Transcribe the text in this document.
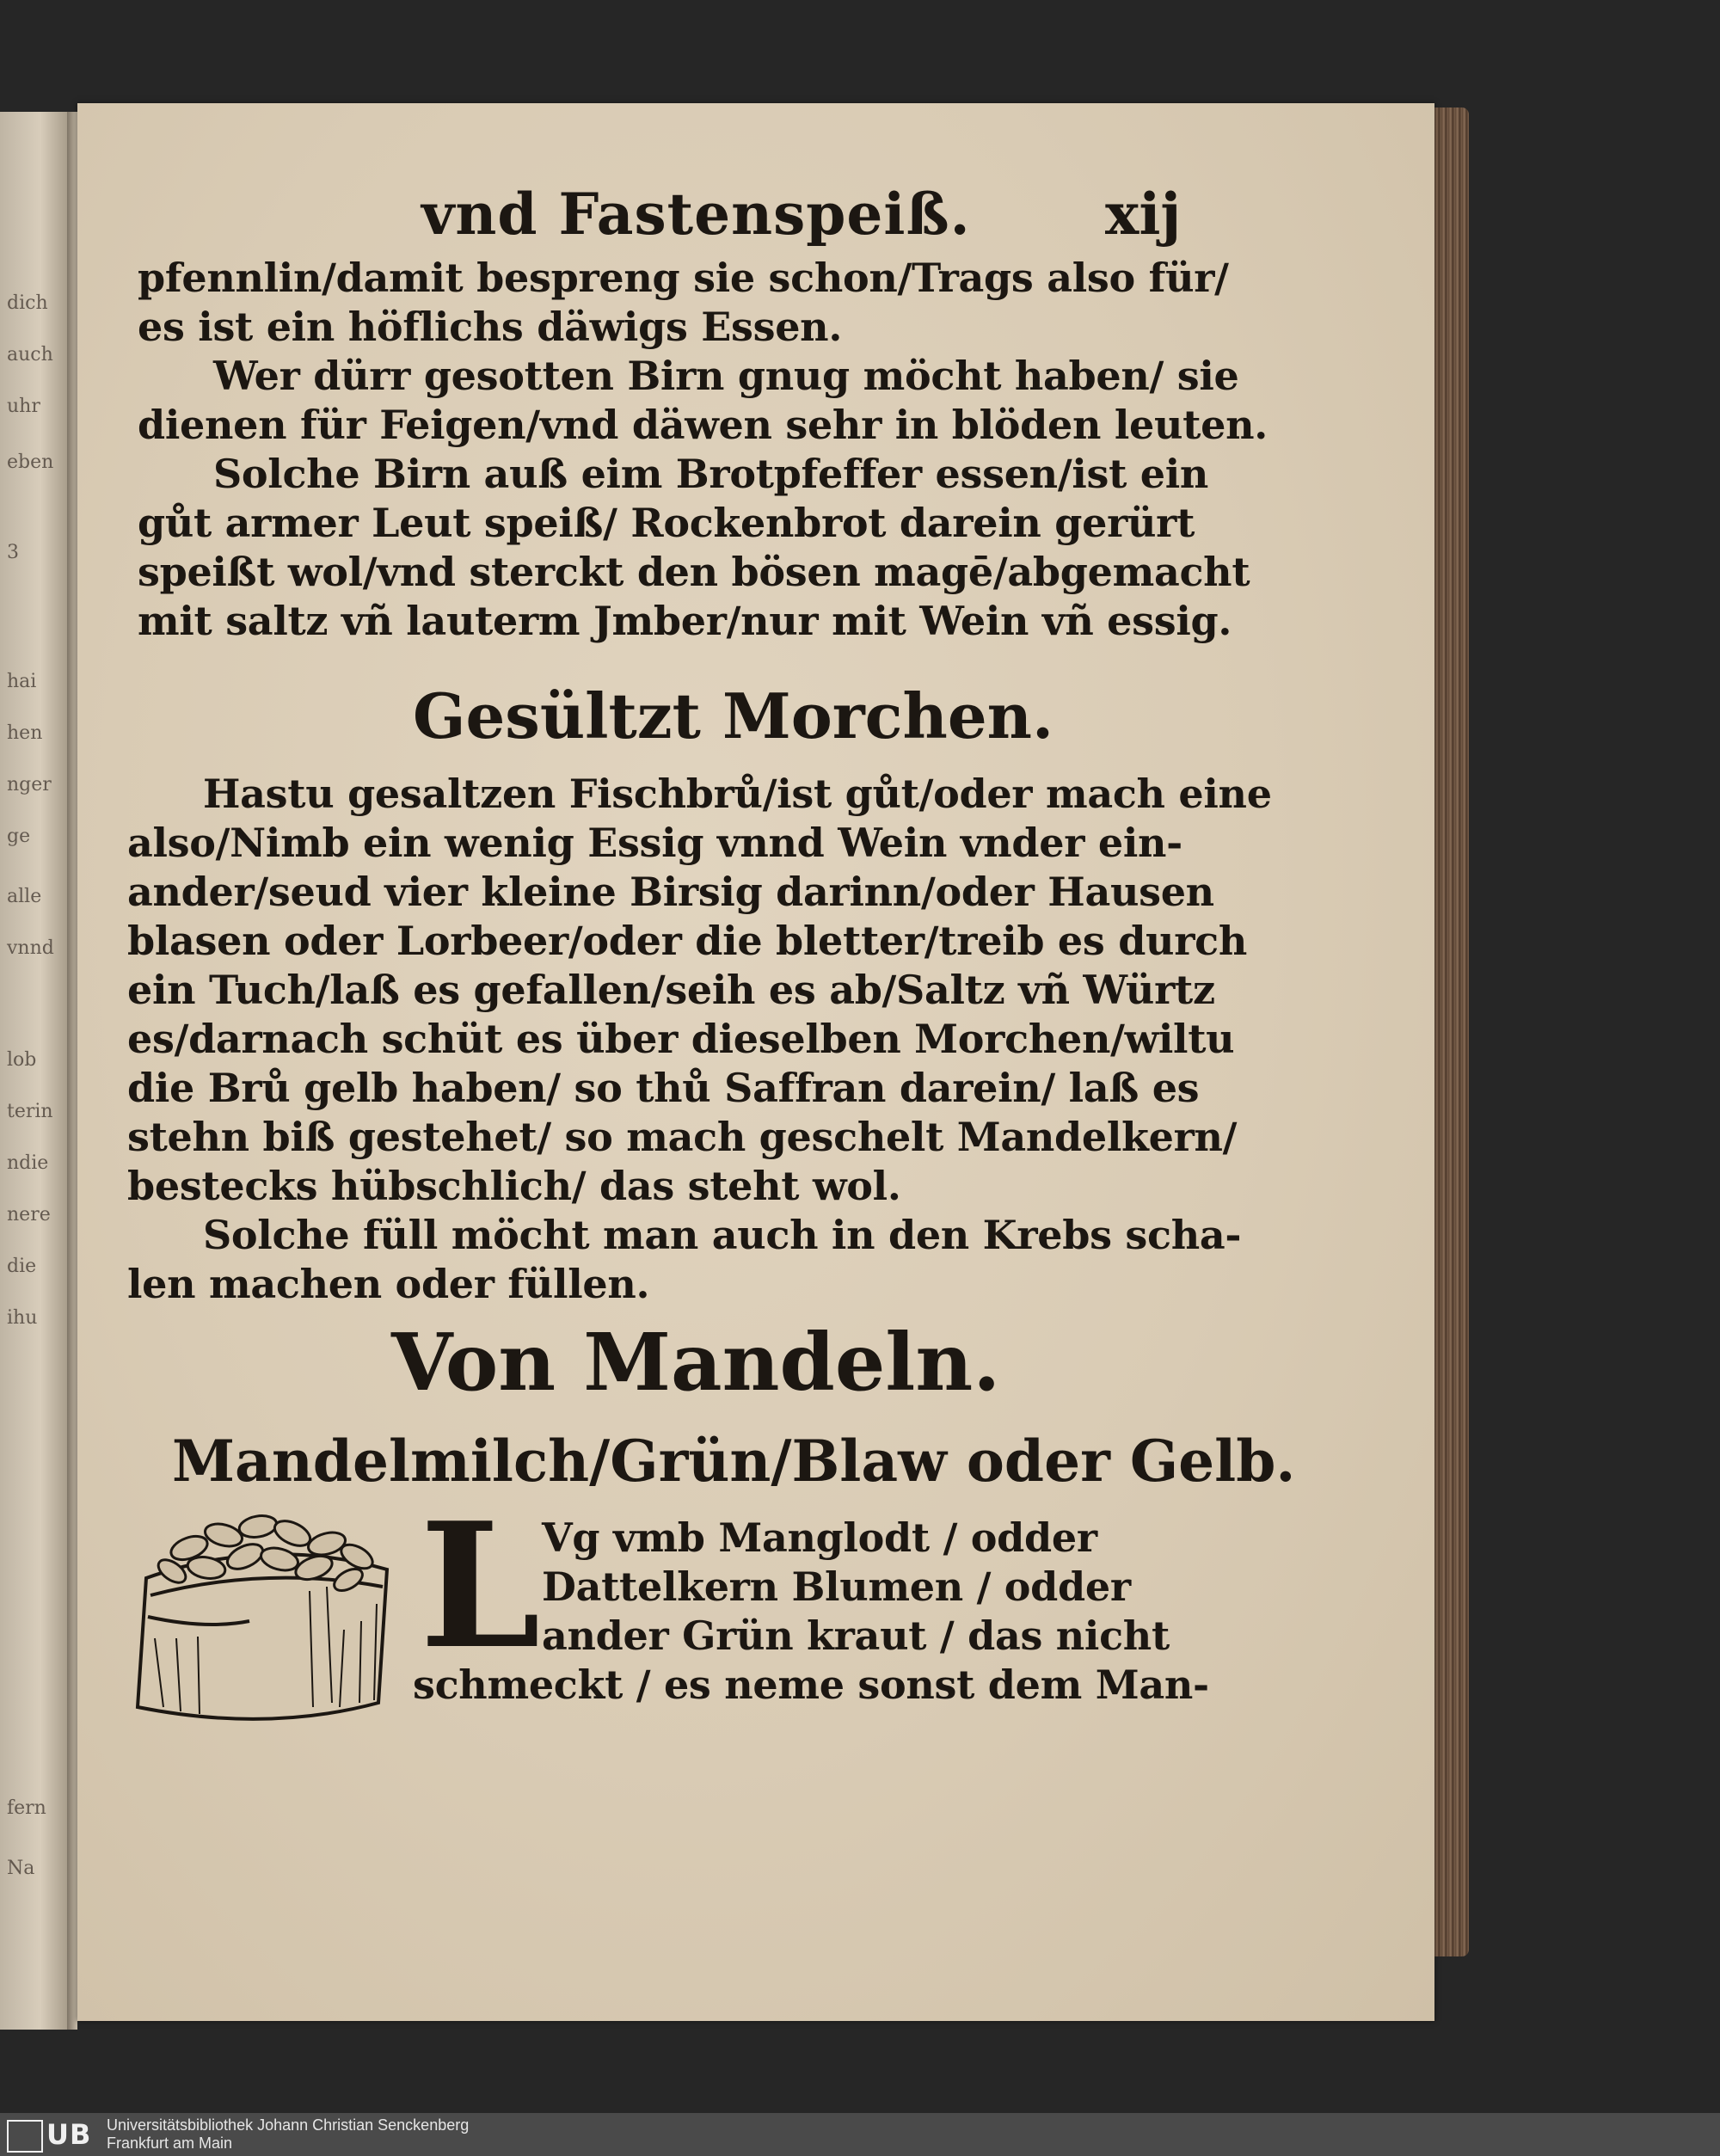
dich
auch
uhr
eben
3
hai
hen
nger
ge
alle
vnnd
lob
terin
ndie
nere
die
ihu
fern
Na
vnd Fastenspeiß. xij
pfennlin/damit bespreng sie schon/Trags also für/
es ist ein höflichs däwigs Essen.
Wer dürr gesotten Birn gnug möcht haben/ sie
dienen für Feigen/vnd däwen sehr in blöden leuten.
Solche Birn auß eim Brotpfeffer essen/ist ein
gůt armer Leut speiß/ Rockenbrot darein gerürt
speißt wol/vnd sterckt den bösen magē/abgemacht
mit saltz vñ lauterm Jmber/nur mit Wein vñ essig.
Gesültzt Morchen.
Hastu gesaltzen Fischbrů/ist gůt/oder mach eine
also/Nimb ein wenig Essig vnnd Wein vnder ein-
ander/seud vier kleine Birsig darinn/oder Hausen
blasen oder Lorbeer/oder die bletter/treib es durch
ein Tuch/laß es gefallen/seih es ab/Saltz vñ Würtz
es/darnach schüt es über dieselben Morchen/wiltu
die Brů gelb haben/ so thů Saffran darein/ laß es
stehn biß gestehet/ so mach geschelt Mandelkern/
bestecks hübschlich/ das steht wol.
Solche füll möcht man auch in den Krebs scha-
len machen oder füllen.
Von Mandeln.
Mandelmilch/Grün/Blaw oder Gelb.
L Vg vmb Manglodt / odder
Dattelkern Blumen / odder
ander Grün kraut / das nicht
schmeckt / es neme sonst dem Man-
UB Universitätsbibliothek Johann Christian Senckenberg
Frankfurt am Main
